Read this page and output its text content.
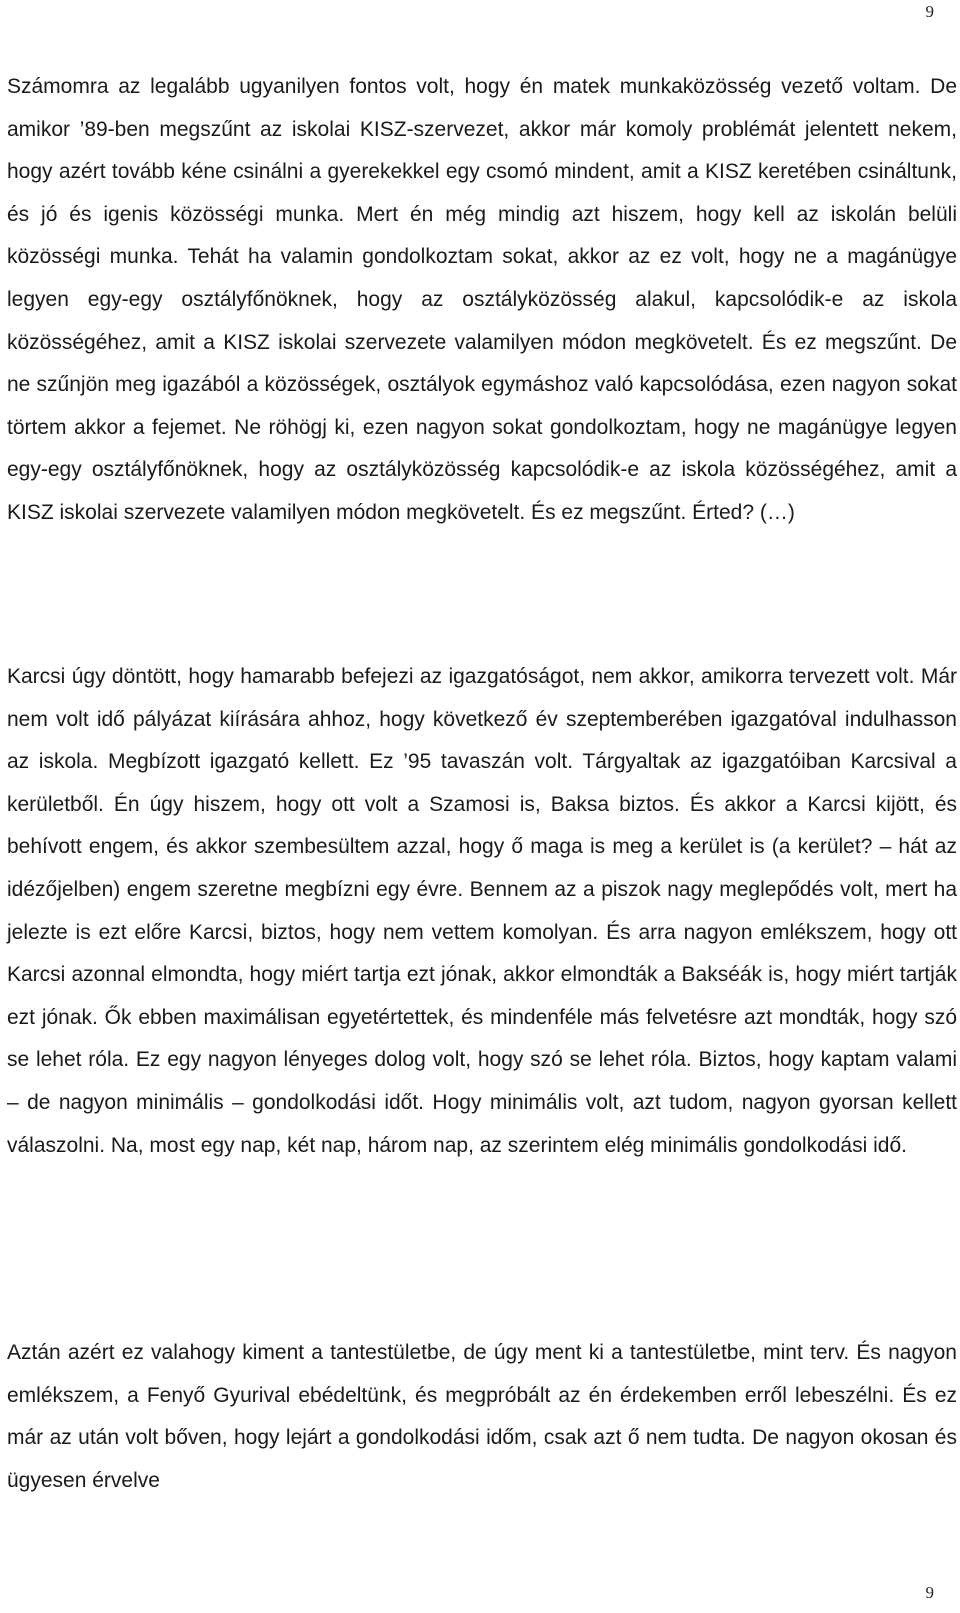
9

Számomra az legalább ugyanilyen fontos volt, hogy én matek munkaközösség vezető voltam. De amikor ’89-ben megszűnt az iskolai KISZ-szervezet, akkor már komoly problémát jelentett nekem, hogy azért tovább kéne csinálni a gyerekekkel egy csomó mindent, amit a KISZ keretében csináltunk, és jó és igenis közösségi munka. Mert én még mindig azt hiszem, hogy kell az iskolán belüli közösségi munka. Tehát ha valamin gondolkoztam sokat, akkor az ez volt, hogy ne a magánügye legyen egy-egy osztályfőnöknek, hogy az osztályközösség alakul, kapcsolódik-e az iskola közösségéhez, amit a KISZ iskolai szervezete valamilyen módon megkövetelt. És ez megszűnt. De ne szűnjön meg igazából a közösségek, osztályok egymáshoz való kapcsolódása, ezen nagyon sokat törtem akkor a fejemet. Ne röhögj ki, ezen nagyon sokat gondolkoztam, hogy ne magánügye legyen egy-egy osztályfőnöknek, hogy az osztályközösség kapcsolódik-e az iskola közösségéhez, amit a KISZ iskolai szervezete valamilyen módon megkövetelt. És ez megszűnt. Érted? (…)

Karcsi úgy döntött, hogy hamarabb befejezi az igazgatóságot, nem akkor, amikorra tervezett volt. Már nem volt idő pályázat kiírására ahhoz, hogy következő év szeptemberében igazgatóval indulhasson az iskola. Megbízott igazgató kellett. Ez ’95 tavaszán volt. Tárgyaltak az igazgatóiban Karcsival a kerületből. Én úgy hiszem, hogy ott volt a Szamosi is, Baksa biztos. És akkor a Karcsi kijött, és behívott engem, és akkor szembesültem azzal, hogy ő maga is meg a kerület is (a kerület? – hát az idézőjelben) engem szeretne megbízni egy évre. Bennem az a piszok nagy meglepődés volt, mert ha jelezte is ezt előre Karcsi, biztos, hogy nem vettem komolyan. És arra nagyon emlékszem, hogy ott Karcsi azonnal elmondta, hogy miért tartja ezt jónak, akkor elmondták a Bakséák is, hogy miért tartják ezt jónak. Ők ebben maximálisan egyetértettek, és mindenféle más felvetésre azt mondták, hogy szó se lehet róla. Ez egy nagyon lényeges dolog volt, hogy szó se lehet róla. Biztos, hogy kaptam valami – de nagyon minimális – gondolkodási időt. Hogy minimális volt, azt tudom, nagyon gyorsan kellett válaszolni. Na, most egy nap, két nap, három nap, az szerintem elég minimális gondolkodási idő.

Aztán azért ez valahogy kiment a tantestületbe, de úgy ment ki a tantestületbe, mint terv. És nagyon emlékszem, a Fenyő Gyurival ebédeltünk, és megpróbált az én érdekemben erről lebeszélni. És ez már az után volt bőven, hogy lejárt a gondolkodási időm, csak azt ő nem tudta. De nagyon okosan és ügyesen érvelve

9
